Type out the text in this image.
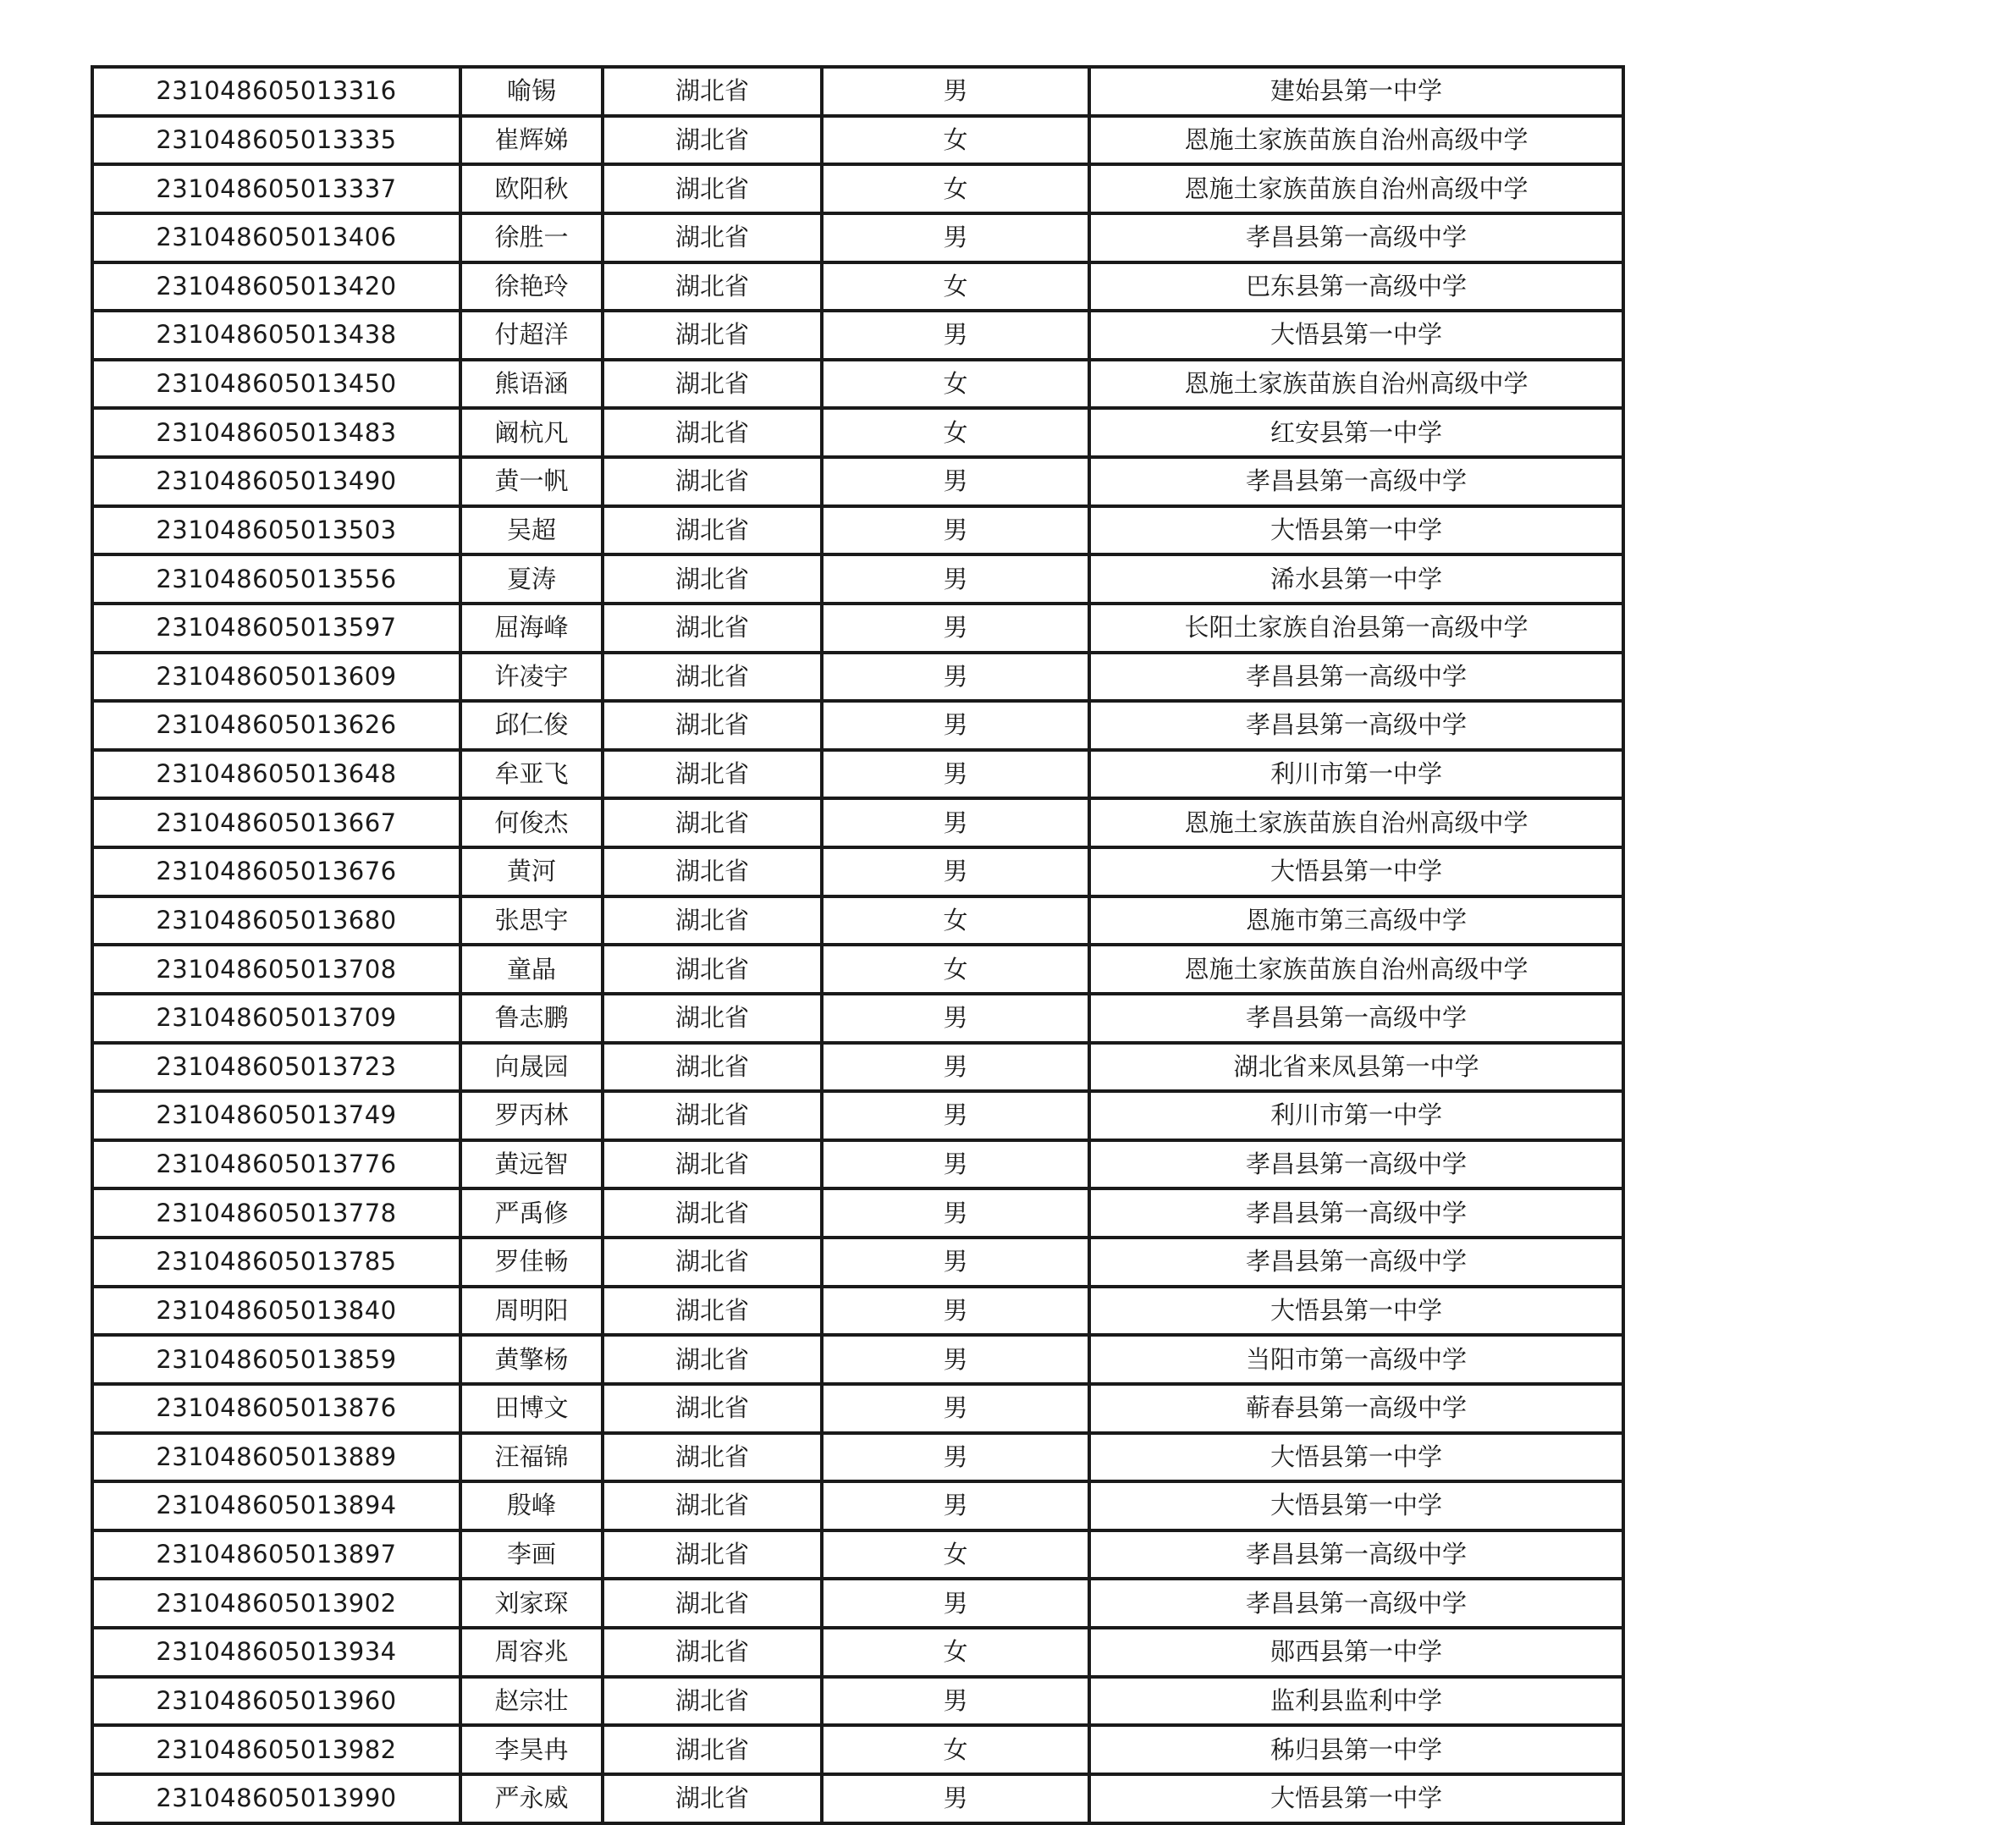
231048605013316	喻锡	湖北省	男	建始县第一中学
231048605013335	崔辉娣	湖北省	女	恩施土家族苗族自治州高级中学
231048605013337	欧阳秋	湖北省	女	恩施土家族苗族自治州高级中学
231048605013406	徐胜一	湖北省	男	孝昌县第一高级中学
231048605013420	徐艳玲	湖北省	女	巴东县第一高级中学
231048605013438	付超洋	湖北省	男	大悟县第一中学
231048605013450	熊语涵	湖北省	女	恩施土家族苗族自治州高级中学
231048605013483	阚杭凡	湖北省	女	红安县第一中学
231048605013490	黄一帆	湖北省	男	孝昌县第一高级中学
231048605013503	吴超	湖北省	男	大悟县第一中学
231048605013556	夏涛	湖北省	男	浠水县第一中学
231048605013597	屈海峰	湖北省	男	长阳土家族自治县第一高级中学
231048605013609	许凌宇	湖北省	男	孝昌县第一高级中学
231048605013626	邱仁俊	湖北省	男	孝昌县第一高级中学
231048605013648	牟亚飞	湖北省	男	利川市第一中学
231048605013667	何俊杰	湖北省	男	恩施土家族苗族自治州高级中学
231048605013676	黄河	湖北省	男	大悟县第一中学
231048605013680	张思宇	湖北省	女	恩施市第三高级中学
231048605013708	童晶	湖北省	女	恩施土家族苗族自治州高级中学
231048605013709	鲁志鹏	湖北省	男	孝昌县第一高级中学
231048605013723	向晟园	湖北省	男	湖北省来凤县第一中学
231048605013749	罗丙林	湖北省	男	利川市第一中学
231048605013776	黄远智	湖北省	男	孝昌县第一高级中学
231048605013778	严禹修	湖北省	男	孝昌县第一高级中学
231048605013785	罗佳畅	湖北省	男	孝昌县第一高级中学
231048605013840	周明阳	湖北省	男	大悟县第一中学
231048605013859	黄擎杨	湖北省	男	当阳市第一高级中学
231048605013876	田博文	湖北省	男	蕲春县第一高级中学
231048605013889	汪福锦	湖北省	男	大悟县第一中学
231048605013894	殷峰	湖北省	男	大悟县第一中学
231048605013897	李画	湖北省	女	孝昌县第一高级中学
231048605013902	刘家琛	湖北省	男	孝昌县第一高级中学
231048605013934	周容兆	湖北省	女	郧西县第一中学
231048605013960	赵宗壮	湖北省	男	监利县监利中学
231048605013982	李昊冉	湖北省	女	秭归县第一中学
231048605013990	严永威	湖北省	男	大悟县第一中学
